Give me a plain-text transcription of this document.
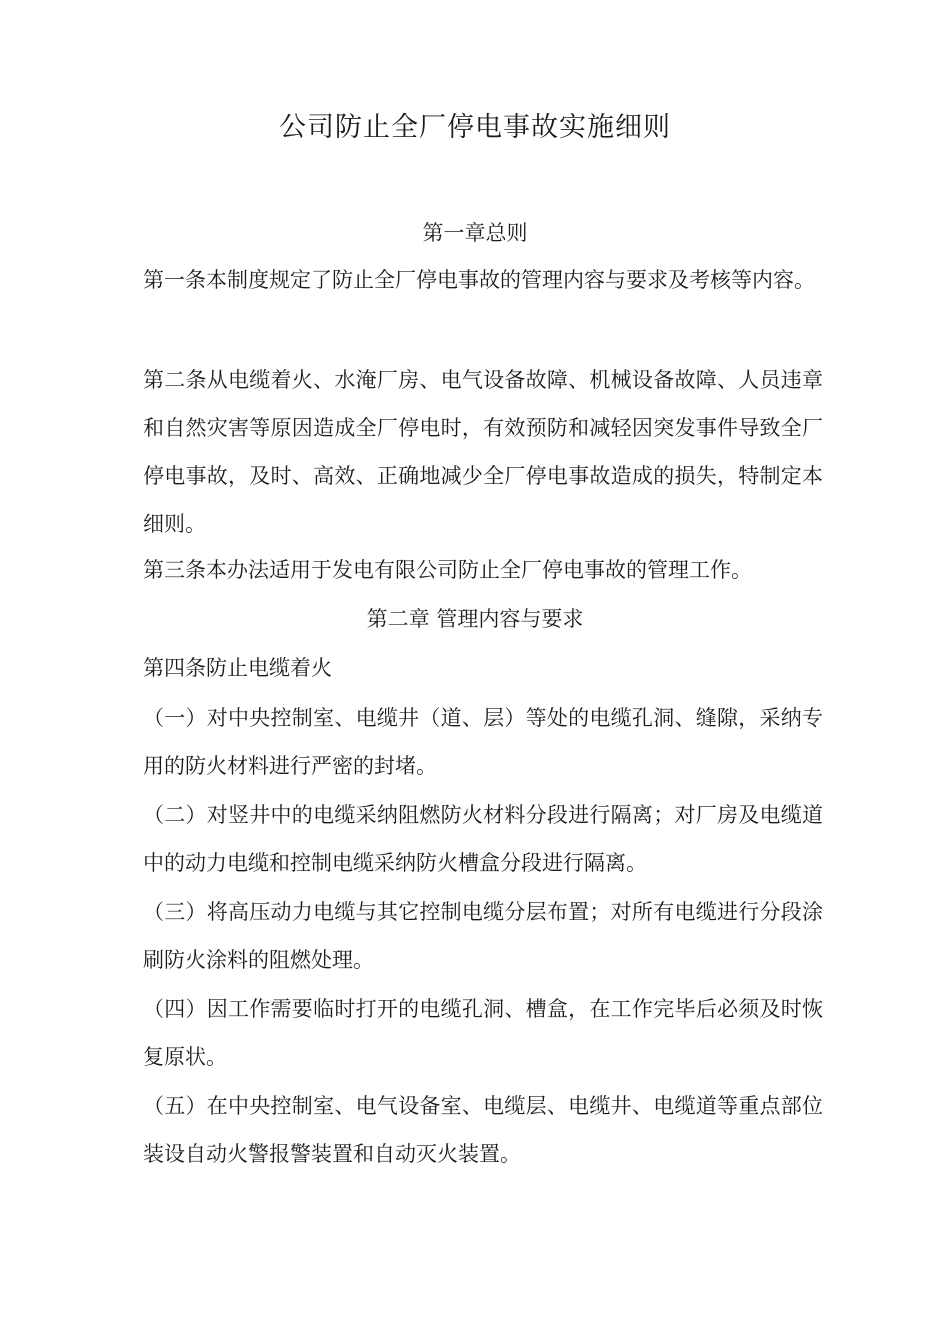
公司防止全厂停电事故实施细则
第一章总则

第一条本制度规定了防止全厂停电事故的管理内容与要求及考核等内容。

第二条从电缆着火、水淹厂房、电气设备故障、机械设备故障、人员违章和自然灾害等原因造成全厂停电时，有效预防和减轻因突发事件导致全厂停电事故，及时、高效、正确地减少全厂停电事故造成的损失，特制定本细则。

第三条本办法适用于发电有限公司防止全厂停电事故的管理工作。

第二章 管理内容与要求

第四条防止电缆着火

（一）对中央控制室、电缆井（道、层）等处的电缆孔洞、缝隙，采纳专用的防火材料进行严密的封堵。

（二）对竖井中的电缆采纳阻燃防火材料分段进行隔离；对厂房及电缆道中的动力电缆和控制电缆采纳防火槽盒分段进行隔离。

（三）将高压动力电缆与其它控制电缆分层布置；对所有电缆进行分段涂刷防火涂料的阻燃处理。

（四）因工作需要临时打开的电缆孔洞、槽盒，在工作完毕后必须及时恢复原状。

（五）在中央控制室、电气设备室、电缆层、电缆井、电缆道等重点部位装设自动火警报警装置和自动灭火装置。
